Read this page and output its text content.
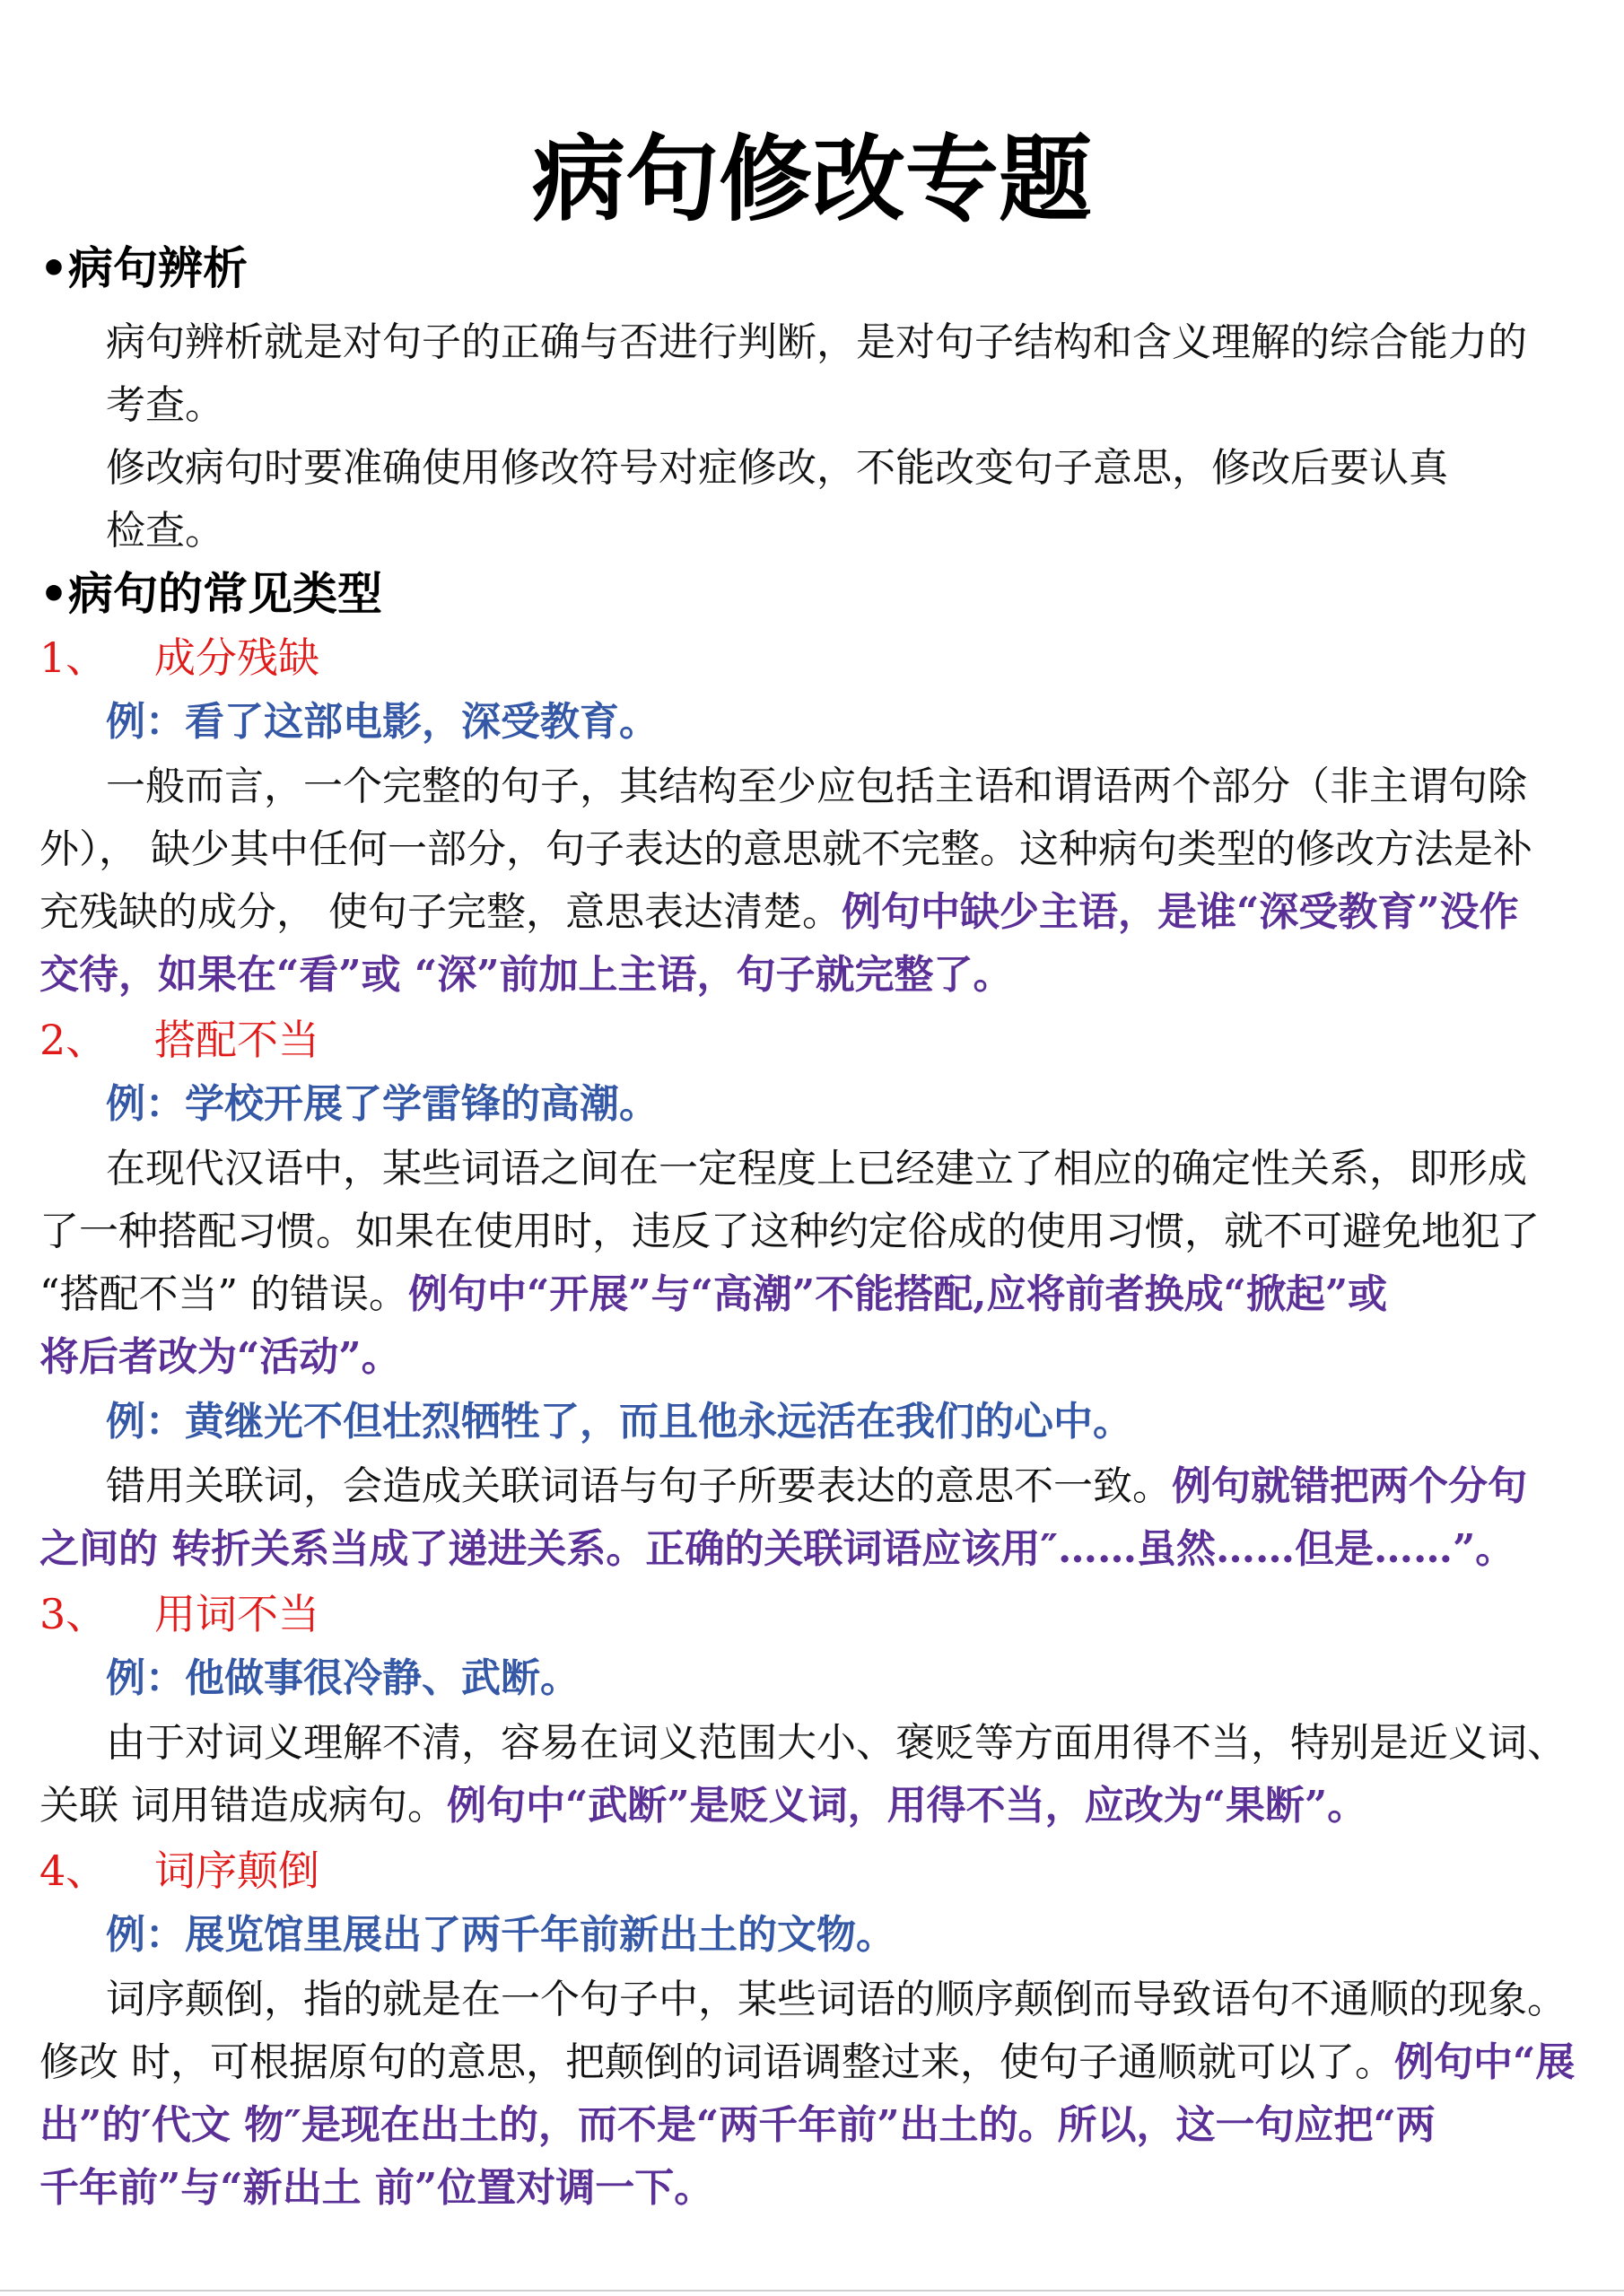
病句修改专题
•病句辨析
病句辨析就是对句子的正确与否进行判断，是对句子结构和含义理解的综合能力的
考查。
修改病句时要准确使用修改符号对症修改，不能改变句子意思，修改后要认真
检查。
•病句的常见类型
1、 成分残缺
例：看了这部电影，深受教育。
一般而言，一个完整的句子，其结构至少应包括主语和谓语两个部分（非主谓句除
外）， 缺少其中任何一部分，句子表达的意思就不完整。这种病句类型的修改方法是补
充残缺的成分， 使句子完整，意思表达清楚。例句中缺少主语，是谁“深受教育”没作
交待，如果在“看”或 “深”前加上主语，句子就完整了。
2、 搭配不当
例：学校开展了学雷锋的高潮。
在现代汉语中，某些词语之间在一定程度上已经建立了相应的确定性关系，即形成
了一种搭配习惯。如果在使用时，违反了这种约定俗成的使用习惯，就不可避免地犯了
“搭配不当” 的错误。例句中“开展”与“高潮”不能搭配,应将前者换成“掀起”或
将后者改为“活动”。
例：黄继光不但壮烈牺牲了，而且他永远活在我们的心中。
错用关联词，会造成关联词语与句子所要表达的意思不一致。例句就错把两个分句
之间的 转折关系当成了递进关系。正确的关联词语应该用″……虽然……但是……”。
3、 用词不当
例：他做事很冷静、武断。
由于对词义理解不清，容易在词义范围大小、褒贬等方面用得不当，特别是近义词、
关联 词用错造成病句。例句中“武断”是贬义词，用得不当，应改为“果断”。
4、 词序颠倒
例：展览馆里展出了两千年前新出土的文物。
词序颠倒，指的就是在一个句子中，某些词语的顺序颠倒而导致语句不通顺的现象。
修改 时，可根据原句的意思，把颠倒的词语调整过来，使句子通顺就可以了。例句中“展
出”的′代文 物″是现在出土的，而不是“两千年前”出土的。所以，这一句应把“两
千年前”与“新出土 前”位置对调一下。
